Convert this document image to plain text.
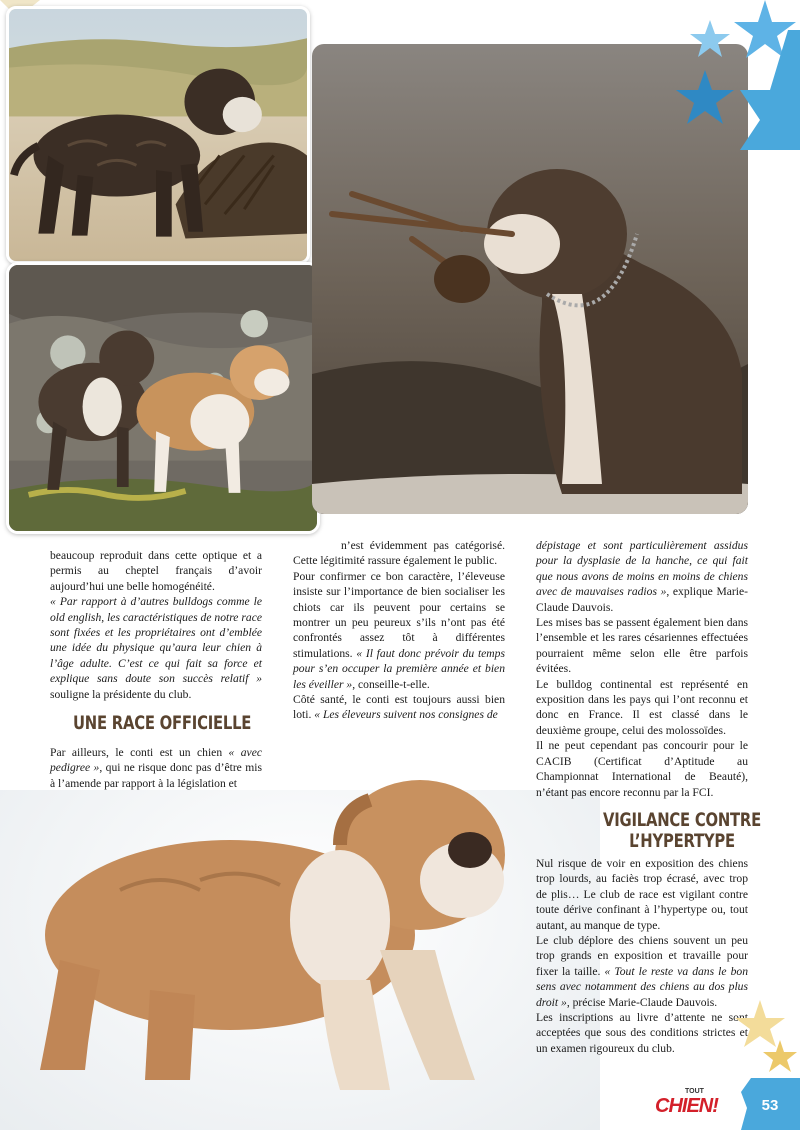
beaucoup reproduit dans cette optique et a permis au cheptel français d’avoir aujourd’hui une belle homogénéité.

« Par rapport à d’autres bulldogs comme le old english, les caractéristiques de notre race sont fixées et les propriétaires ont d’emblée une idée du physique qu’aura leur chien à l’âge adulte. C’est ce qui fait sa force et explique sans doute son succès relatif » souligne la présidente du club.

UNE RACE OFFICIELLE

Par ailleurs, le conti est un chien « avec pedigree », qui ne risque donc pas d’être mis à l’amende par rapport à la législation et

n’est évidemment pas catégorisé. Cette légitimité rassure également le public.

Pour confirmer ce bon caractère, l’éleveuse insiste sur l’importance de bien socialiser les chiots car ils peuvent pour certains se montrer un peu peureux s’ils n’ont pas été confrontés assez tôt à différentes stimulations. « Il faut donc prévoir du temps pour s’en occuper la première année et bien les éveiller », conseille-t-elle.

Côté santé, le conti est toujours aussi bien loti. « Les éleveurs suivent nos consignes de

dépistage et sont particulièrement assidus pour la dysplasie de la hanche, ce qui fait que nous avons de moins en moins de chiens avec de mauvaises radios », explique Marie-Claude Dauvois.

Les mises bas se passent également bien dans l’ensemble et les rares césariennes effectuées pourraient même selon elle être parfois évitées.

Le bulldog continental est représenté en exposition dans les pays qui l’ont reconnu et donc en France. Il est classé dans le deuxième groupe, celui des molossoïdes.

Il ne peut cependant pas concourir pour le CACIB (Certificat d’Aptitude au Championnat International de Beauté), n’étant pas encore reconnu par la FCI.

VIGILANCE CONTRE
L’HYPERTYPE

Nul risque de voir en exposition des chiens trop lourds, au faciès trop écrasé, avec trop de plis… Le club de race est vigilant contre toute dérive confinant à l’hypertype ou, tout autant, au manque de type.

Le club déplore des chiens souvent un peu trop grands en exposition et travaille pour fixer la taille. « Tout le reste va dans le bon sens avec notamment des chiens au dos plus droit », précise Marie-Claude Dauvois.

Les inscriptions au livre d’attente ne sont acceptées que sous des conditions strictes et un examen rigoureux du club.

TOUT
CHIEN!	53
